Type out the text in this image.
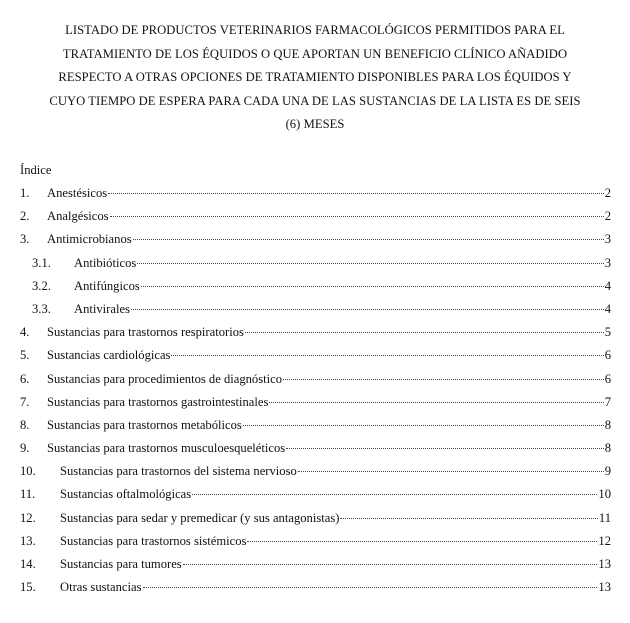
LISTADO DE PRODUCTOS VETERINARIOS FARMACOLÓGICOS PERMITIDOS PARA EL
TRATAMIENTO DE LOS ÉQUIDOS O QUE APORTAN UN BENEFICIO CLÍNICO AÑADIDO
RESPECTO A OTRAS OPCIONES DE TRATAMIENTO DISPONIBLES PARA LOS ÉQUIDOS Y
CUYO TIEMPO DE ESPERA PARA CADA UNA DE LAS SUSTANCIAS DE LA LISTA ES DE SEIS
(6) MESES
Índice
1. Anestésicos	2
2. Analgésicos	2
3. Antimicrobianos	3
3.1. Antibióticos	3
3.2. Antifúngicos	4
3.3. Antivirales	4
4. Sustancias para trastornos respiratorios	5
5. Sustancias cardiológicas	6
6. Sustancias para procedimientos de diagnóstico	6
7. Sustancias para trastornos gastrointestinales	7
8. Sustancias para trastornos metabólicos	8
9. Sustancias para trastornos musculoesqueléticos	8
10. Sustancias para trastornos del sistema nervioso	9
11. Sustancias oftalmológicas	10
12. Sustancias para sedar y premedicar (y sus antagonistas)	11
13. Sustancias para trastornos sistémicos	12
14. Sustancias para tumores	13
15. Otras sustancias	13
